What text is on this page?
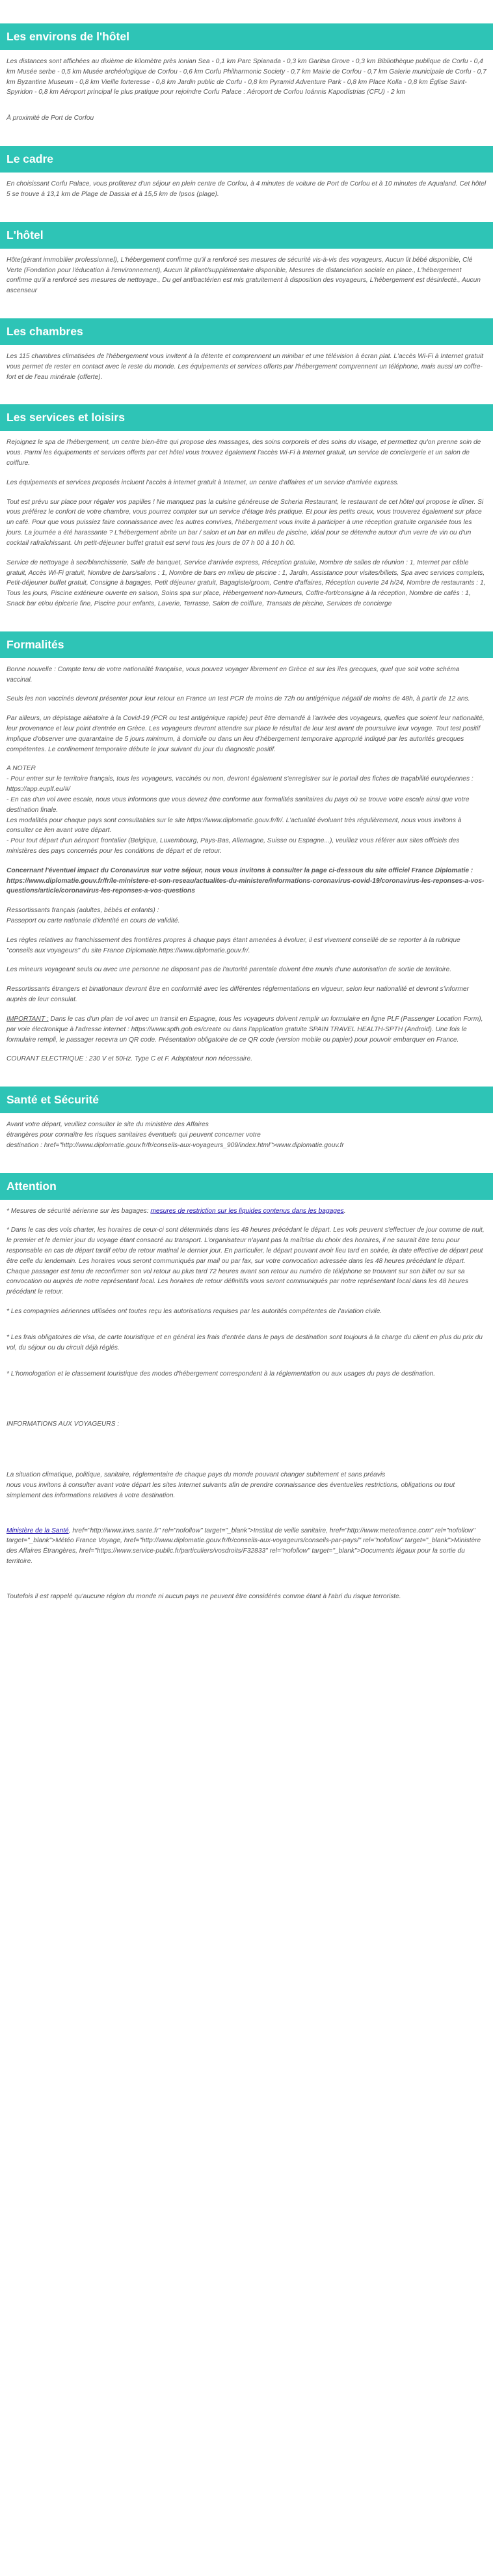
Les environs de l'hôtel

Les distances sont affichées au dixième de kilomètre près Ionian Sea - 0,1 km Parc Spianada - 0,3 km Garitsa Grove - 0,3 km Bibliothèque publique de Corfu - 0,4 km Musée serbe - 0,5 km Musée archéologique de Corfou - 0,6 km Corfu Philharmonic Society - 0,7 km Mairie de Corfou - 0,7 km Galerie municipale de Corfu - 0,7 km Byzantine Museum - 0,8 km Vieille forteresse - 0,8 km Jardin public de Corfu - 0,8 km Pyramid Adventure Park - 0,8 km Place Kolla - 0,8 km Église Saint-Spyridon - 0,8 km Aéroport principal le plus pratique pour rejoindre Corfu Palace : Aéroport de Corfou Ioánnis Kapodístrias (CFU) - 2 km

À proximité de Port de Corfou

Le cadre

En choisissant Corfu Palace, vous profiterez d'un séjour en plein centre de Corfou, à 4 minutes de voiture de Port de Corfou et à 10 minutes de Aqualand. Cet hôtel 5 se trouve à 13,1 km de Plage de Dassia et à 15,5 km de Ipsos (plage).

L'hôtel

Hôte(gérant immobilier professionnel), L'hébergement confirme qu'il a renforcé ses mesures de sécurité vis-à-vis des voyageurs, Aucun lit bébé disponible, Clé Verte (Fondation pour l'éducation à l'environnement), Aucun lit pliant/supplémentaire disponible, Mesures de distanciation sociale en place., L'hébergement confirme qu'il a renforcé ses mesures de nettoyage., Du gel antibactérien est mis gratuitement à disposition des voyageurs, L'hébergement est désinfecté., Aucun ascenseur

Les chambres

Les 115 chambres climatisées de l'hébergement vous invitent à la détente et comprennent un minibar et une télévision à écran plat. L'accès Wi-Fi à Internet gratuit vous permet de rester en contact avec le reste du monde. Les équipements et services offerts par l'hébergement comprennent un téléphone, mais aussi un coffre-fort et de l'eau minérale (offerte).

Les services et loisirs

Rejoignez le spa de l'hébergement, un centre bien-être qui propose des massages, des soins corporels et des soins du visage, et permettez qu'on prenne soin de vous. Parmi les équipements et services offerts par cet hôtel vous trouvez également l'accès Wi-Fi à Internet gratuit, un service de conciergerie et un salon de coiffure.

Les équipements et services proposés incluent l'accès à internet gratuit à Internet, un centre d'affaires et un service d'arrivée express.

Tout est prévu sur place pour régaler vos papilles ! Ne manquez pas la cuisine généreuse de Scheria Restaurant, le restaurant de cet hôtel qui propose le dîner. Si vous préférez le confort de votre chambre, vous pourrez compter sur un service d'étage très pratique. Et pour les petits creux, vous trouverez également sur place un café. Pour que vous puissiez faire connaissance avec les autres convives, l'hébergement vous invite à participer à une réception gratuite organisée tous les jours. La journée a été harassante ? L'hébergement abrite un bar / salon et un bar en milieu de piscine, idéal pour se détendre autour d'un verre de vin ou d'un cocktail rafraîchissant. Un petit-déjeuner buffet gratuit est servi tous les jours de 07 h 00 à 10 h 00.

Service de nettoyage à sec/blanchisserie, Salle de banquet, Service d'arrivée express, Réception gratuite, Nombre de salles de réunion : 1, Internet par câble gratuit, Accès Wi-Fi gratuit, Nombre de bars/salons : 1, Nombre de bars en milieu de piscine : 1, Jardin, Assistance pour visites/billets, Spa avec services complets, Petit-déjeuner buffet gratuit, Consigne à bagages, Petit déjeuner gratuit, Bagagiste/groom, Centre d'affaires, Réception ouverte 24 h/24, Nombre de restaurants : 1, Tous les jours, Piscine extérieure ouverte en saison, Soins spa sur place, Hébergement non-fumeurs, Coffre-fort/consigne à la réception, Nombre de cafés : 1, Snack bar et/ou épicerie fine, Piscine pour enfants, Laverie, Terrasse, Salon de coiffure, Transats de piscine, Services de concierge

Formalités

Bonne nouvelle : Compte tenu de votre nationalité française, vous pouvez voyager librement en Grèce et sur les îles grecques, quel que soit votre schéma vaccinal.

Seuls les non vaccinés devront présenter pour leur retour en France un test PCR de moins de 72h ou antigénique négatif de moins de 48h, à partir de 12 ans.

Par ailleurs, un dépistage aléatoire à la Covid-19 (PCR ou test antigénique rapide) peut être demandé à l'arrivée des voyageurs, quelles que soient leur nationalité, leur provenance et leur point d'entrée en Grèce. Les voyageurs devront attendre sur place le résultat de leur test avant de poursuivre leur voyage. Tout test positif implique d'observer une quarantaine de 5 jours minimum, à domicile ou dans un lieu d'hébergement temporaire approprié indiqué par les autorités grecques compétentes. Le confinement temporaire débute le jour suivant du jour du diagnostic positif.

A NOTER
- Pour entrer sur le territoire français, tous les voyageurs, vaccinés ou non, devront également s'enregistrer sur le portail des fiches de traçabilité européennes : https://app.euplf.eu/#/
- En cas d'un vol avec escale, nous vous informons que vous devrez être conforme aux formalités sanitaires du pays où se trouve votre escale ainsi que votre destination finale.
Les modalités pour chaque pays sont consultables sur le site https://www.diplomatie.gouv.fr/fr/. L'actualité évoluant très régulièrement, nous vous invitons à consulter ce lien avant votre départ.
- Pour tout départ d'un aéroport frontalier (Belgique, Luxembourg, Pays-Bas, Allemagne, Suisse ou Espagne...), veuillez vous référer aux sites officiels des ministères des pays concernés pour les conditions de départ et de retour.

Concernant l'éventuel impact du Coronavirus sur votre séjour, nous vous invitons à consulter la page ci-dessous du site officiel France Diplomatie : https://www.diplomatie.gouv.fr/fr/le-ministere-et-son-reseau/actualites-du-ministere/informations-coronavirus-covid-19/coronavirus-les-reponses-a-vos-questions/article/coronavirus-les-reponses-a-vos-questions

Ressortissants français (adultes, bébés et enfants) :
Passeport ou carte nationale d'identité en cours de validité.

Les règles relatives au franchissement des frontières propres à chaque pays étant amenées à évoluer, il est vivement conseillé de se reporter à la rubrique "conseils aux voyageurs" du site France Diplomatie.https://www.diplomatie.gouv.fr/.

Les mineurs voyageant seuls ou avec une personne ne disposant pas de l'autorité parentale doivent être munis d'une autorisation de sortie de territoire.

Ressortissants étrangers et binationaux devront être en conformité avec les différentes réglementations en vigueur, selon leur nationalité et devront s'informer auprès de leur consulat.

IMPORTANT : Dans le cas d'un plan de vol avec un transit en Espagne, tous les voyageurs doivent remplir un formulaire en ligne PLF (Passenger Location Form), par voie électronique à l'adresse internet : https://www.spth.gob.es/create ou dans l'application gratuite SPAIN TRAVEL HEALTH-SPTH (Android). Une fois le formulaire rempli, le passager recevra un QR code. Présentation obligatoire de ce QR code (version mobile ou papier) pour pouvoir embarquer en France.

COURANT ELECTRIQUE : 230 V et 50Hz. Type C et F. Adaptateur non nécessaire.

Santé et Sécurité

Avant votre départ, veuillez consulter le site du ministère des Affaires
étrangères pour connaître les risques sanitaires éventuels qui peuvent concerner votre
destination : href="http://www.diplomatie.gouv.fr/fr/conseils-aux-voyageurs_909/index.html">www.diplomatie.gouv.fr

Attention

* Mesures de sécurité aérienne sur les bagages: mesures de restriction sur les liquides contenus dans les bagages.

* Dans le cas des vols charter, les horaires de ceux-ci sont déterminés dans les 48 heures précédant le départ. Les vols peuvent s'effectuer de jour comme de nuit, le premier et le dernier jour du voyage étant consacré au transport. L'organisateur n'ayant pas la maîtrise du choix des horaires, il ne saurait être tenu pour responsable en cas de départ tardif et/ou de retour matinal le dernier jour. En particulier, le départ pouvant avoir lieu tard en soirée, la date effective de départ peut être celle du lendemain. Les horaires vous seront communiqués par mail ou par fax, sur votre convocation adressée dans les 48 heures précédant le départ. Chaque passager est tenu de reconfirmer son vol retour au plus tard 72 heures avant son retour au numéro de téléphone se trouvant sur son billet ou sur sa convocation ou auprès de notre représentant local. Les horaires de retour définitifs vous seront communiqués par notre représentant local dans les 48 heures précédant le retour.

* Les compagnies aériennes utilisées ont toutes reçu les autorisations requises par les autorités compétentes de l'aviation civile.

* Les frais obligatoires de visa, de carte touristique et en général les frais d'entrée dans le pays de destination sont toujours à la charge du client en plus du prix du vol, du séjour ou du circuit déjà réglés.

* L'homologation et le classement touristique des modes d'hébergement correspondent à la réglementation ou aux usages du pays de destination.

INFORMATIONS AUX VOYAGEURS :

La situation climatique, politique, sanitaire, réglementaire de chaque pays du monde pouvant changer subitement et sans préavis
nous vous invitons à consulter avant votre départ les sites Internet suivants afin de prendre connaissance des éventuelles restrictions, obligations ou tout simplement des informations relatives à votre destination.

Ministère de la Santé, href="http://www.invs.sante.fr" rel="nofollow" target="_blank">Institut de veille sanitaire, href="http://www.meteofrance.com" rel="nofollow" target="_blank">Météo France Voyage, href="http://www.diplomatie.gouv.fr/fr/conseils-aux-voyageurs/conseils-par-pays/" rel="nofollow" target="_blank">Ministère des Affaires Étrangères, href="https://www.service-public.fr/particuliers/vosdroits/F32833" rel="nofollow" target="_blank">Documents légaux pour la sortie du territoire.

Toutefois il est rappelé qu'aucune région du monde ni aucun pays ne peuvent être considérés comme étant à l'abri du risque terroriste.
